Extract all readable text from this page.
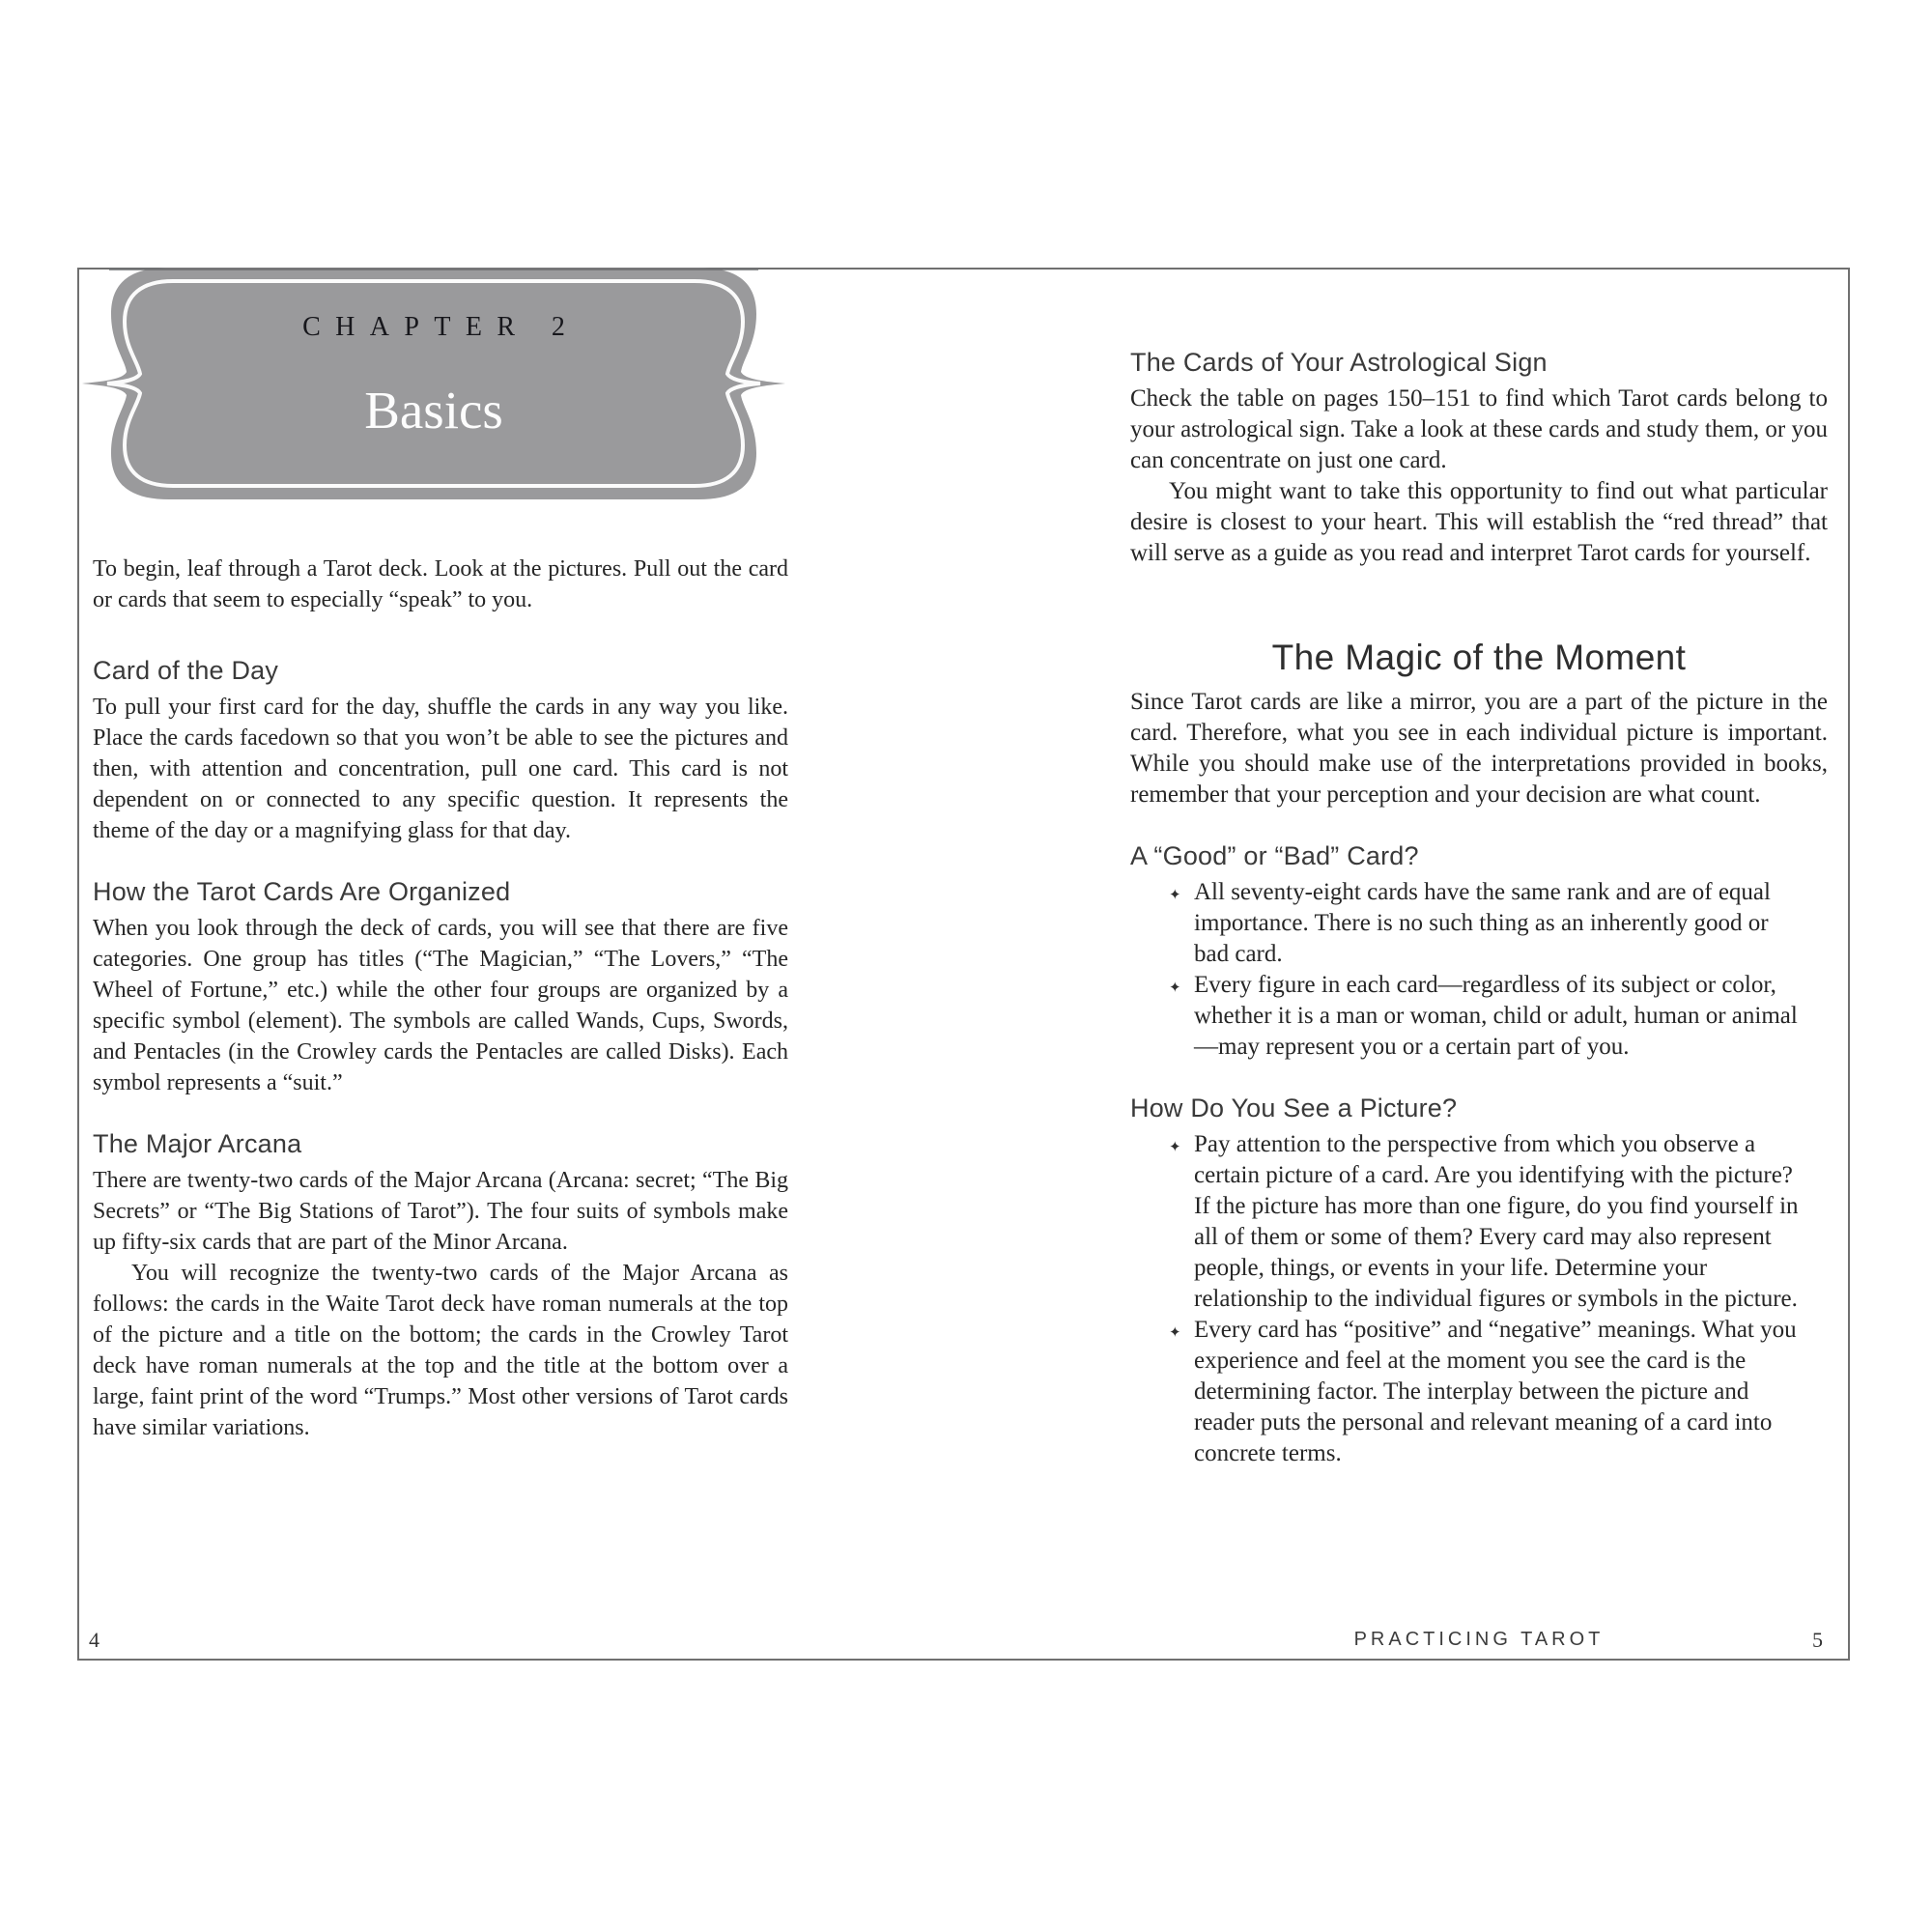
CHAPTER 2
Basics

To begin, leaf through a Tarot deck. Look at the pictures. Pull out the card or cards that seem to especially “speak” to you.

Card of the Day

To pull your first card for the day, shuffle the cards in any way you like. Place the cards facedown so that you won’t be able to see the pictures and then, with attention and concentration, pull one card. This card is not dependent on or connected to any specific question. It represents the theme of the day or a magnifying glass for that day.

How the Tarot Cards Are Organized

When you look through the deck of cards, you will see that there are five categories. One group has titles (“The Magician,” “The Lovers,” “The Wheel of Fortune,” etc.) while the other four groups are organized by a specific symbol (element). The symbols are called Wands, Cups, Swords, and Pentacles (in the Crowley cards the Pentacles are called Disks). Each symbol represents a “suit.”

The Major Arcana

There are twenty-two cards of the Major Arcana (Arcana: secret; “The Big Secrets” or “The Big Stations of Tarot”). The four suits of symbols make up fifty-six cards that are part of the Minor Arcana.

You will recognize the twenty-two cards of the Major Arcana as follows: the cards in the Waite Tarot deck have roman numerals at the top of the picture and a title on the bottom; the cards in the Crowley Tarot deck have roman numerals at the top and the title at the bottom over a large, faint print of the word “Trumps.” Most other versions of Tarot cards have similar variations.

The Cards of Your Astrological Sign

Check the table on pages 150–151 to find which Tarot cards belong to your astrological sign. Take a look at these cards and study them, or you can concentrate on just one card.

You might want to take this opportunity to find out what particular desire is closest to your heart. This will establish the “red thread” that will serve as a guide as you read and interpret Tarot cards for yourself.

The Magic of the Moment

Since Tarot cards are like a mirror, you are a part of the picture in the card. Therefore, what you see in each individual picture is important. While you should make use of the interpretations provided in books, remember that your perception and your decision are what count.

A “Good” or “Bad” Card?
✦ All seventy-eight cards have the same rank and are of equal importance. There is no such thing as an inherently good or bad card.
✦ Every figure in each card—regardless of its subject or color, whether it is a man or woman, child or adult, human or animal—may represent you or a certain part of you.
How Do You See a Picture?
✦ Pay attention to the perspective from which you observe a certain picture of a card. Are you identifying with the picture? If the picture has more than one figure, do you find yourself in all of them or some of them? Every card may also represent people, things, or events in your life. Determine your relationship to the individual figures or symbols in the picture.
✦ Every card has “positive” and “negative” meanings. What you experience and feel at the moment you see the card is the determining factor. The interplay between the picture and reader puts the personal and relevant meaning of a card into concrete terms.
4	PRACTICING TAROT	5
